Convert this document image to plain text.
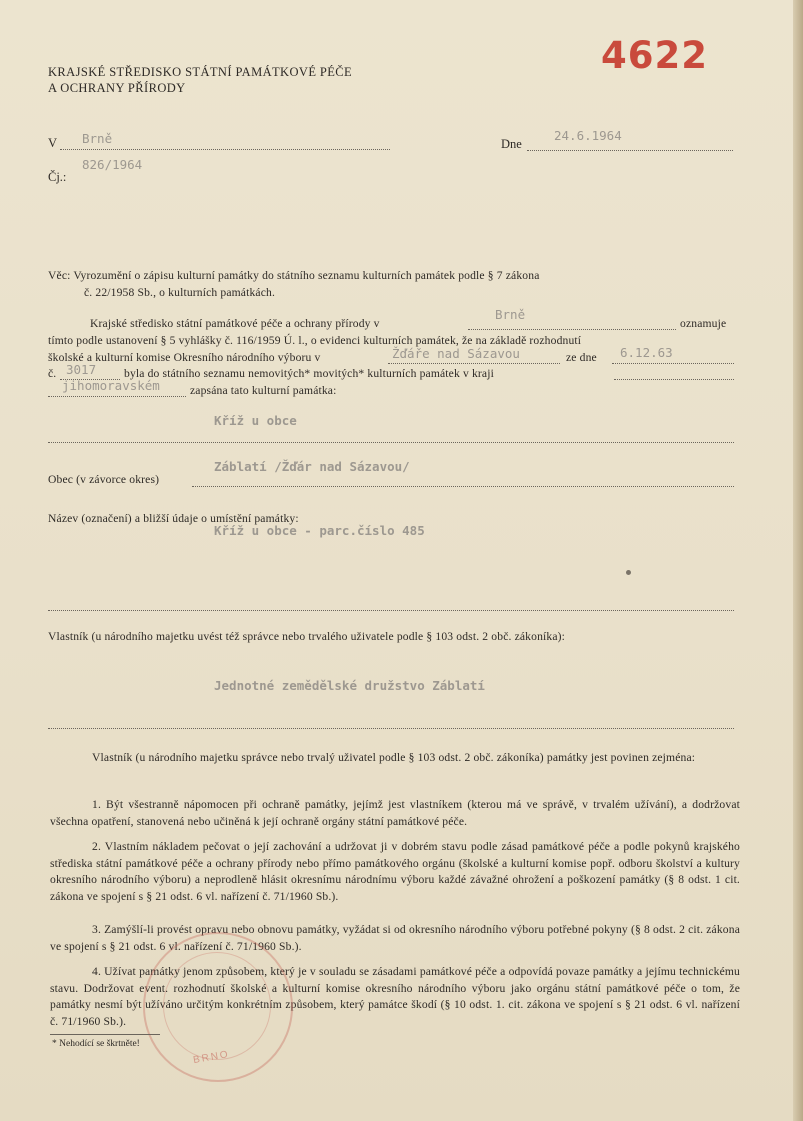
KRAJSKÉ STŘEDISKO STÁTNÍ PAMÁTKOVÉ PÉČE
A OCHRANY PŘÍRODY
4622
V Brně	Dne
24.6.1964
Čj.:
826/1964
Věc: Vyrozumění o zápisu kulturní památky do státního seznamu kulturních památek podle § 7 zákona
č. 22/1958 Sb., o kulturních památkách.
Krajské středisko státní památkové péče a ochrany přírody v
Brně
oznamuje
tímto podle ustanovení § 5 vyhlášky č. 116/1959 Ú. l., o evidenci kulturních památek, že na základě rozhodnutí
školské a kulturní komise Okresního národního výboru v	Žďáře nad Sázavou	ze dne 6.12.63
č. 3017 byla do státního seznamu nemovitých* movitých* kulturních památek v kraji
jihomoravském	zapsána tato kulturní památka:
Kříž u obce
Záblatí /Žďár nad Sázavou/
Obec (v závorce okres)
Název (označení) a bližší údaje o umístění památky:
Kříž u obce - parc.číslo 485
Vlastník (u národního majetku uvést též správce nebo trvalého uživatele podle § 103 odst. 2 obč. zákoníka):
Jednotné zemědělské družstvo Záblatí
Vlastník (u národního majetku správce nebo trvalý uživatel podle § 103 odst. 2 obč. zákoníka) památky jest povinen zejména:
1. Být všestranně nápomocen při ochraně památky, jejímž jest vlastníkem (kterou má ve správě, v trvalém užívání), a dodržovat všechna opatření, stanovená nebo učiněná k její ochraně orgány státní památkové péče.
2. Vlastním nákladem pečovat o její zachování a udržovat ji v dobrém stavu podle zásad památkové péče a podle pokynů krajského střediska státní památkové péče a ochrany přírody nebo přímo památkového orgánu (školské a kulturní komise popř. odboru školství a kultury okresního národního výboru) a neprodleně hlásit okresnímu národnímu výboru každé závažné ohrožení a poškození památky (§ 8 odst. 1 cit. zákona ve spojení s § 21 odst. 6 vl. nařízení č. 71/1960 Sb.).
3. Zamýšlí-li provést opravu nebo obnovu památky, vyžádat si od okresního národního výboru potřebné pokyny (§ 8 odst. 2 cit. zákona ve spojení s § 21 odst. 6 vl. nařízení č. 71/1960 Sb.).
4. Užívat památky jenom způsobem, který je v souladu se zásadami památkové péče a odpovídá povaze památky a jejímu technickému stavu. Dodržovat event. rozhodnutí školské a kulturní komise okresního národního výboru jako orgánu státní památkové péče o tom, že památky nesmí být užíváno určitým konkrétním způsobem, který památce škodí (§ 10 odst. 1. cit. zákona ve spojení s § 21 odst. 6 vl. nařízení č. 71/1960 Sb.).
BRNO
* Nehodící se škrtněte!
